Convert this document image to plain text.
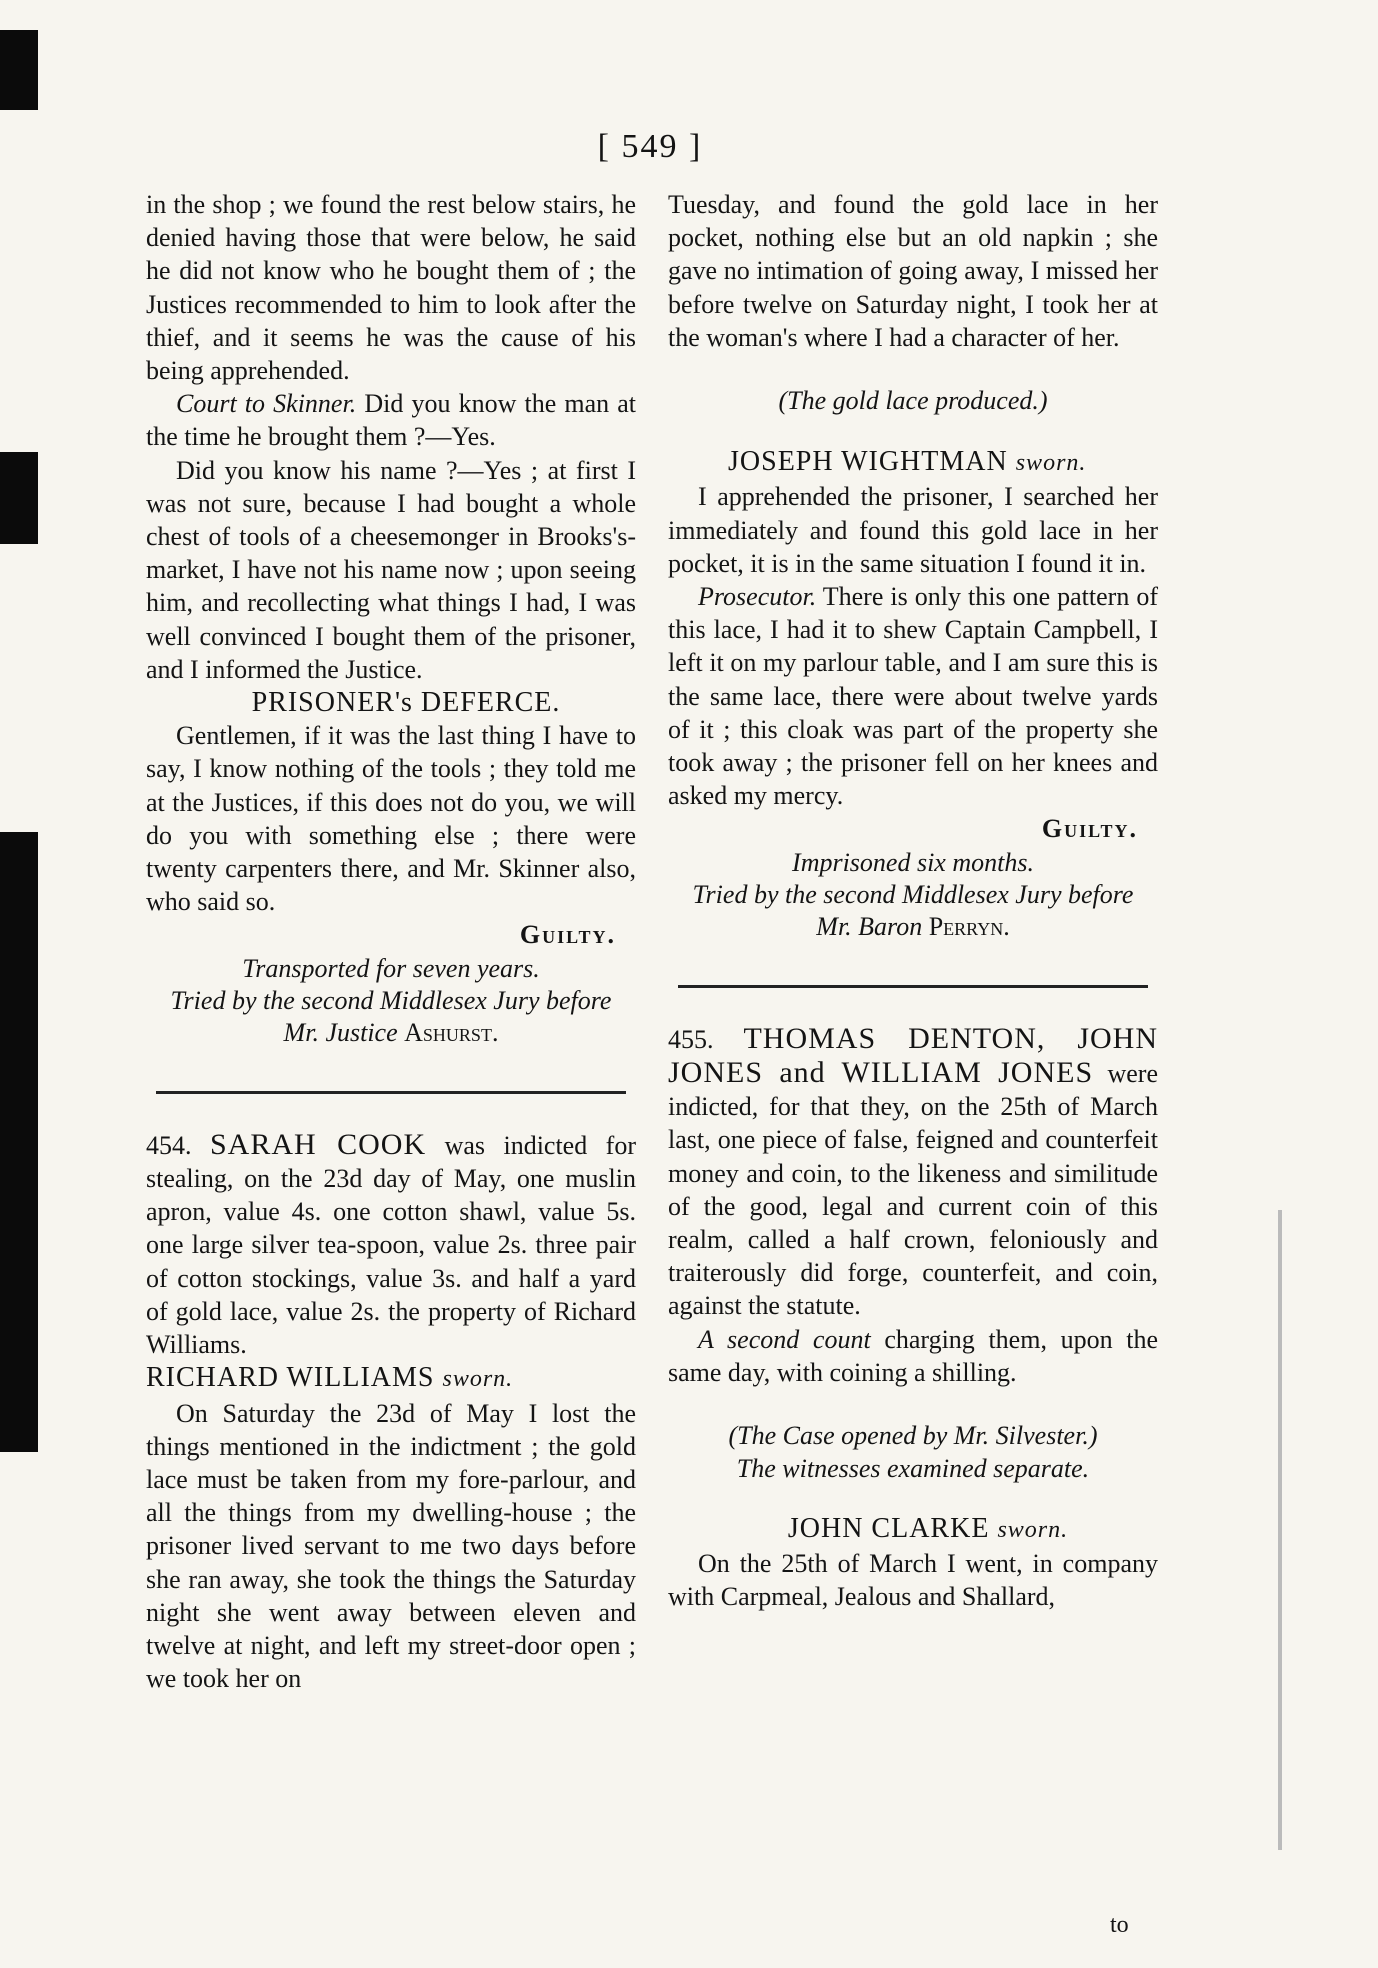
[ 549 ]

in the shop ; we found the rest below stairs, he denied having those that were below, he said he did not know who he bought them of ; the Justices recommended to him to look after the thief, and it seems he was the cause of his being apprehended.

Court to Skinner. Did you know the man at the time he brought them ?—Yes.

Did you know his name ?—Yes ; at first I was not sure, because I had bought a whole chest of tools of a cheesemonger in Brooks's-market, I have not his name now ; upon seeing him, and recollecting what things I had, I was well convinced I bought them of the prisoner, and I informed the Justice.

PRISONER's DEFERCE.

Gentlemen, if it was the last thing I have to say, I know nothing of the tools ; they told me at the Justices, if this does not do you, we will do you with something else ; there were twenty carpenters there, and Mr. Skinner also, who said so.

Guilty.

Transported for seven years.

Tried by the second Middlesex Jury before
Mr. Justice Ashurst.

454. SARAH COOK was indicted for stealing, on the 23d day of May, one muslin apron, value 4s. one cotton shawl, value 5s. one large silver tea-spoon, value 2s. three pair of cotton stockings, value 3s. and half a yard of gold lace, value 2s. the property of Richard Williams.

RICHARD WILLIAMS sworn.

On Saturday the 23d of May I lost the things mentioned in the indictment ; the gold lace must be taken from my fore-parlour, and all the things from my dwelling-house ; the prisoner lived servant to me two days before she ran away, she took the things the Saturday night she went away between eleven and twelve at night, and left my street-door open ; we took her on

Tuesday, and found the gold lace in her pocket, nothing else but an old napkin ; she gave no intimation of going away, I missed her before twelve on Saturday night, I took her at the woman's where I had a character of her.

(The gold lace produced.)

JOSEPH WIGHTMAN sworn.

I apprehended the prisoner, I searched her immediately and found this gold lace in her pocket, it is in the same situation I found it in.

Prosecutor. There is only this one pattern of this lace, I had it to shew Captain Campbell, I left it on my parlour table, and I am sure this is the same lace, there were about twelve yards of it ; this cloak was part of the property she took away ; the prisoner fell on her knees and asked my mercy.

Guilty.

Imprisoned six months.

Tried by the second Middlesex Jury before
Mr. Baron Perryn.

455. THOMAS DENTON, JOHN JONES and WILLIAM JONES were indicted, for that they, on the 25th of March last, one piece of false, feigned and counterfeit money and coin, to the likeness and similitude of the good, legal and current coin of this realm, called a half crown, feloniously and traiterously did forge, counterfeit, and coin, against the statute.

A second count charging them, upon the same day, with coining a shilling.

(The Case opened by Mr. Silvester.)

The witnesses examined separate.

JOHN CLARKE sworn.

On the 25th of March I went, in company with Carpmeal, Jealous and Shallard,

to
